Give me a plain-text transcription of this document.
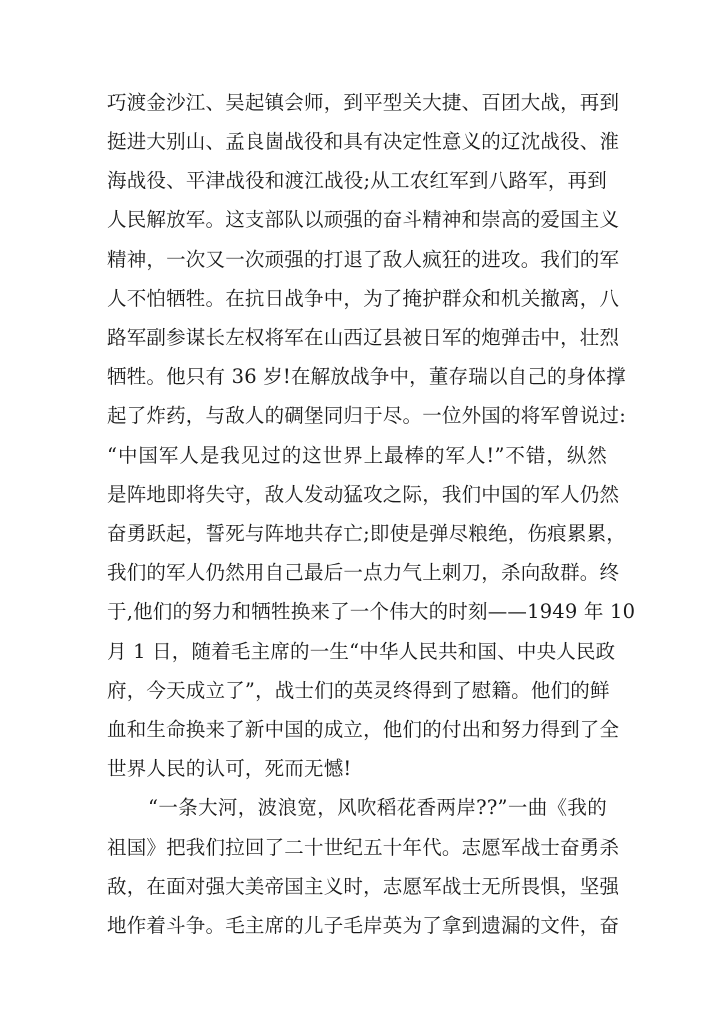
巧渡金沙江、吴起镇会师，到平型关大捷、百团大战，再到
挺进大别山、孟良崮战役和具有决定性意义的辽沈战役、淮
海战役、平津战役和渡江战役;从工农红军到八路军，再到
人民解放军。这支部队以顽强的奋斗精神和崇高的爱国主义
精神，一次又一次顽强的打退了敌人疯狂的进攻。我们的军
人不怕牺牲。在抗日战争中，为了掩护群众和机关撤离，八
路军副参谋长左权将军在山西辽县被日军的炮弹击中，壮烈
牺牲。他只有 36 岁!在解放战争中，董存瑞以自己的身体撑
起了炸药，与敌人的碉堡同归于尽。一位外国的将军曾说过:
“中国军人是我见过的这世界上最棒的军人!”不错，纵然
是阵地即将失守，敌人发动猛攻之际，我们中国的军人仍然
奋勇跃起，誓死与阵地共存亡;即使是弹尽粮绝，伤痕累累，
我们的军人仍然用自己最后一点力气上刺刀，杀向敌群。终
于,他们的努力和牺牲换来了一个伟大的时刻——1949 年 10
月 1 日，随着毛主席的一生“中华人民共和国、中央人民政
府，今天成立了”，战士们的英灵终得到了慰籍。他们的鲜
血和生命换来了新中国的成立，他们的付出和努力得到了全
世界人民的认可，死而无憾!
“一条大河，波浪宽，风吹稻花香两岸??”一曲《我的
祖国》把我们拉回了二十世纪五十年代。志愿军战士奋勇杀
敌，在面对强大美帝国主义时，志愿军战士无所畏惧，坚强
地作着斗争。毛主席的儿子毛岸英为了拿到遗漏的文件，奋
